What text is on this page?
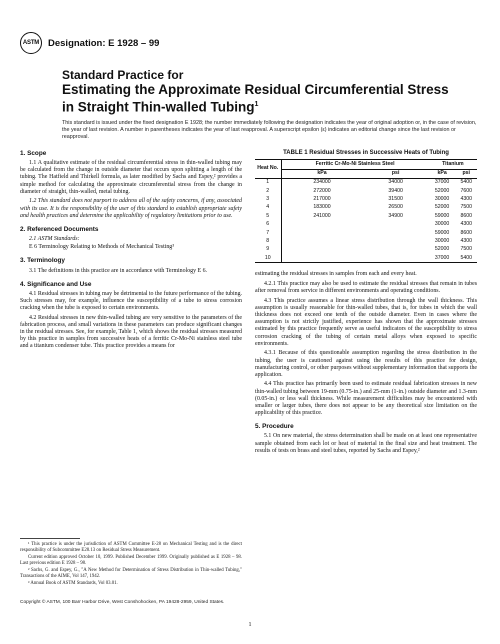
ASTM Designation: E 1928 – 99
Standard Practice for
Estimating the Approximate Residual Circumferential Stress
in Straight Thin-walled Tubing$^1$
This standard is issued under the fixed designation E 1928; the number immediately following the designation indicates the year of original adoption or, in the case of revision, the year of last revision. A number in parentheses indicates the year of last reapproval. A superscript epsilon (ε) indicates an editorial change since the last revision or reapproval.
1. Scope

1.1 A qualitative estimate of the residual circumferential stress in thin-walled tubing may be calculated from the change in outside diameter that occurs upon splitting a length of the tubing. The Hatfield and Thirkell formula, as later modified by Sachs and Espey,² provides a simple method for calculating the approximate circumferential stress from the change in diameter of straight, thin-walled, metal tubing.

1.2 This standard does not purport to address all of the safety concerns, if any, associated with its use. It is the responsibility of the user of this standard to establish appropriate safety and health practices and determine the applicability of regulatory limitations prior to use.

2. Referenced Documents

2.1 ASTM Standards:

E 6 Terminology Relating to Methods of Mechanical Testing³

3. Terminology

3.1 The definitions in this practice are in accordance with Terminology E 6.

4. Significance and Use

4.1 Residual stresses in tubing may be detrimental to the future performance of the tubing. Such stresses may, for example, influence the susceptibility of a tube to stress corrosion cracking when the tube is exposed to certain environments.

4.2 Residual stresses in new thin-walled tubing are very sensitive to the parameters of the fabrication process, and small variations in these parameters can produce significant changes in the residual stresses. See, for example, Table 1, which shows the residual stresses measured by this practice in samples from successive heats of a ferritic Cr-Mo-Ni stainless steel tube and a titanium condenser tube. This practice provides a means for

¹ This practice is under the jurisdiction of ASTM Committee E-28 on Mechanical Testing and is the direct responsibility of Subcommittee E28.13 on Residual Stress Measurement.

Current edition approved October 10, 1999. Published December 1999. Originally published as E 1928 – 98. Last previous edition E 1928 – 98.

² Sachs, G. and Espey, G., "A New Method for Determination of Stress Distribution in Thin-walled Tubing," Transactions of the AIME, Vol 147, 1942.

³ Annual Book of ASTM Standards, Vol 03.01.

TABLE 1 Residual Stresses in Successive Heats of Tubing
Heat No.	Ferritic Cr-Mo-Ni Stainless Steel		Titanium	
	kPa	psi	kPa	psi
1	234000	34000	37000	5400
2	272000	39400	52000	7600
3	217000	31500	30000	4300
4	183000	26500	52000	7500
5	241000	34900	59000	8600
6			30000	4300
7			59000	8600
8			30000	4300
9			52000	7500
10			37000	5400

estimating the residual stresses in samples from each and every heat.

4.2.1 This practice may also be used to estimate the residual stresses that remain in tubes after removal from service in different environments and operating conditions.

4.3 This practice assumes a linear stress distribution through the wall thickness. This assumption is usually reasonable for thin-walled tubes, that is, for tubes in which the wall thickness does not exceed one tenth of the outside diameter. Even in cases where the assumption is not strictly justified, experience has shown that the approximate stresses estimated by this practice frequently serve as useful indicators of the susceptibility to stress corrosion cracking of the tubing of certain metal alloys when exposed to specific environments.

4.3.1 Because of this questionable assumption regarding the stress distribution in the tubing, the user is cautioned against using the results of this practice for design, manufacturing control, or other purposes without supplementary information that supports the application.

4.4 This practice has primarily been used to estimate residual fabrication stresses in new thin-walled tubing between 19-mm (0.75-in.) and 25-mm (1-in.) outside diameter and 1.3-mm (0.05-in.) or less wall thickness. While measurement difficulties may be encountered with smaller or larger tubes, there does not appear to be any theoretical size limitation on the applicability of this practice.

5. Procedure

5.1 On new material, the stress determination shall be made on at least one representative sample obtained from each lot or heat of material in the final size and heat treatment. The results of tests on brass and steel tubes, reported by Sachs and Espey,²

Copyright © ASTM, 100 Barr Harbor Drive, West Conshohocken, PA 19428-2959, United States.
1
